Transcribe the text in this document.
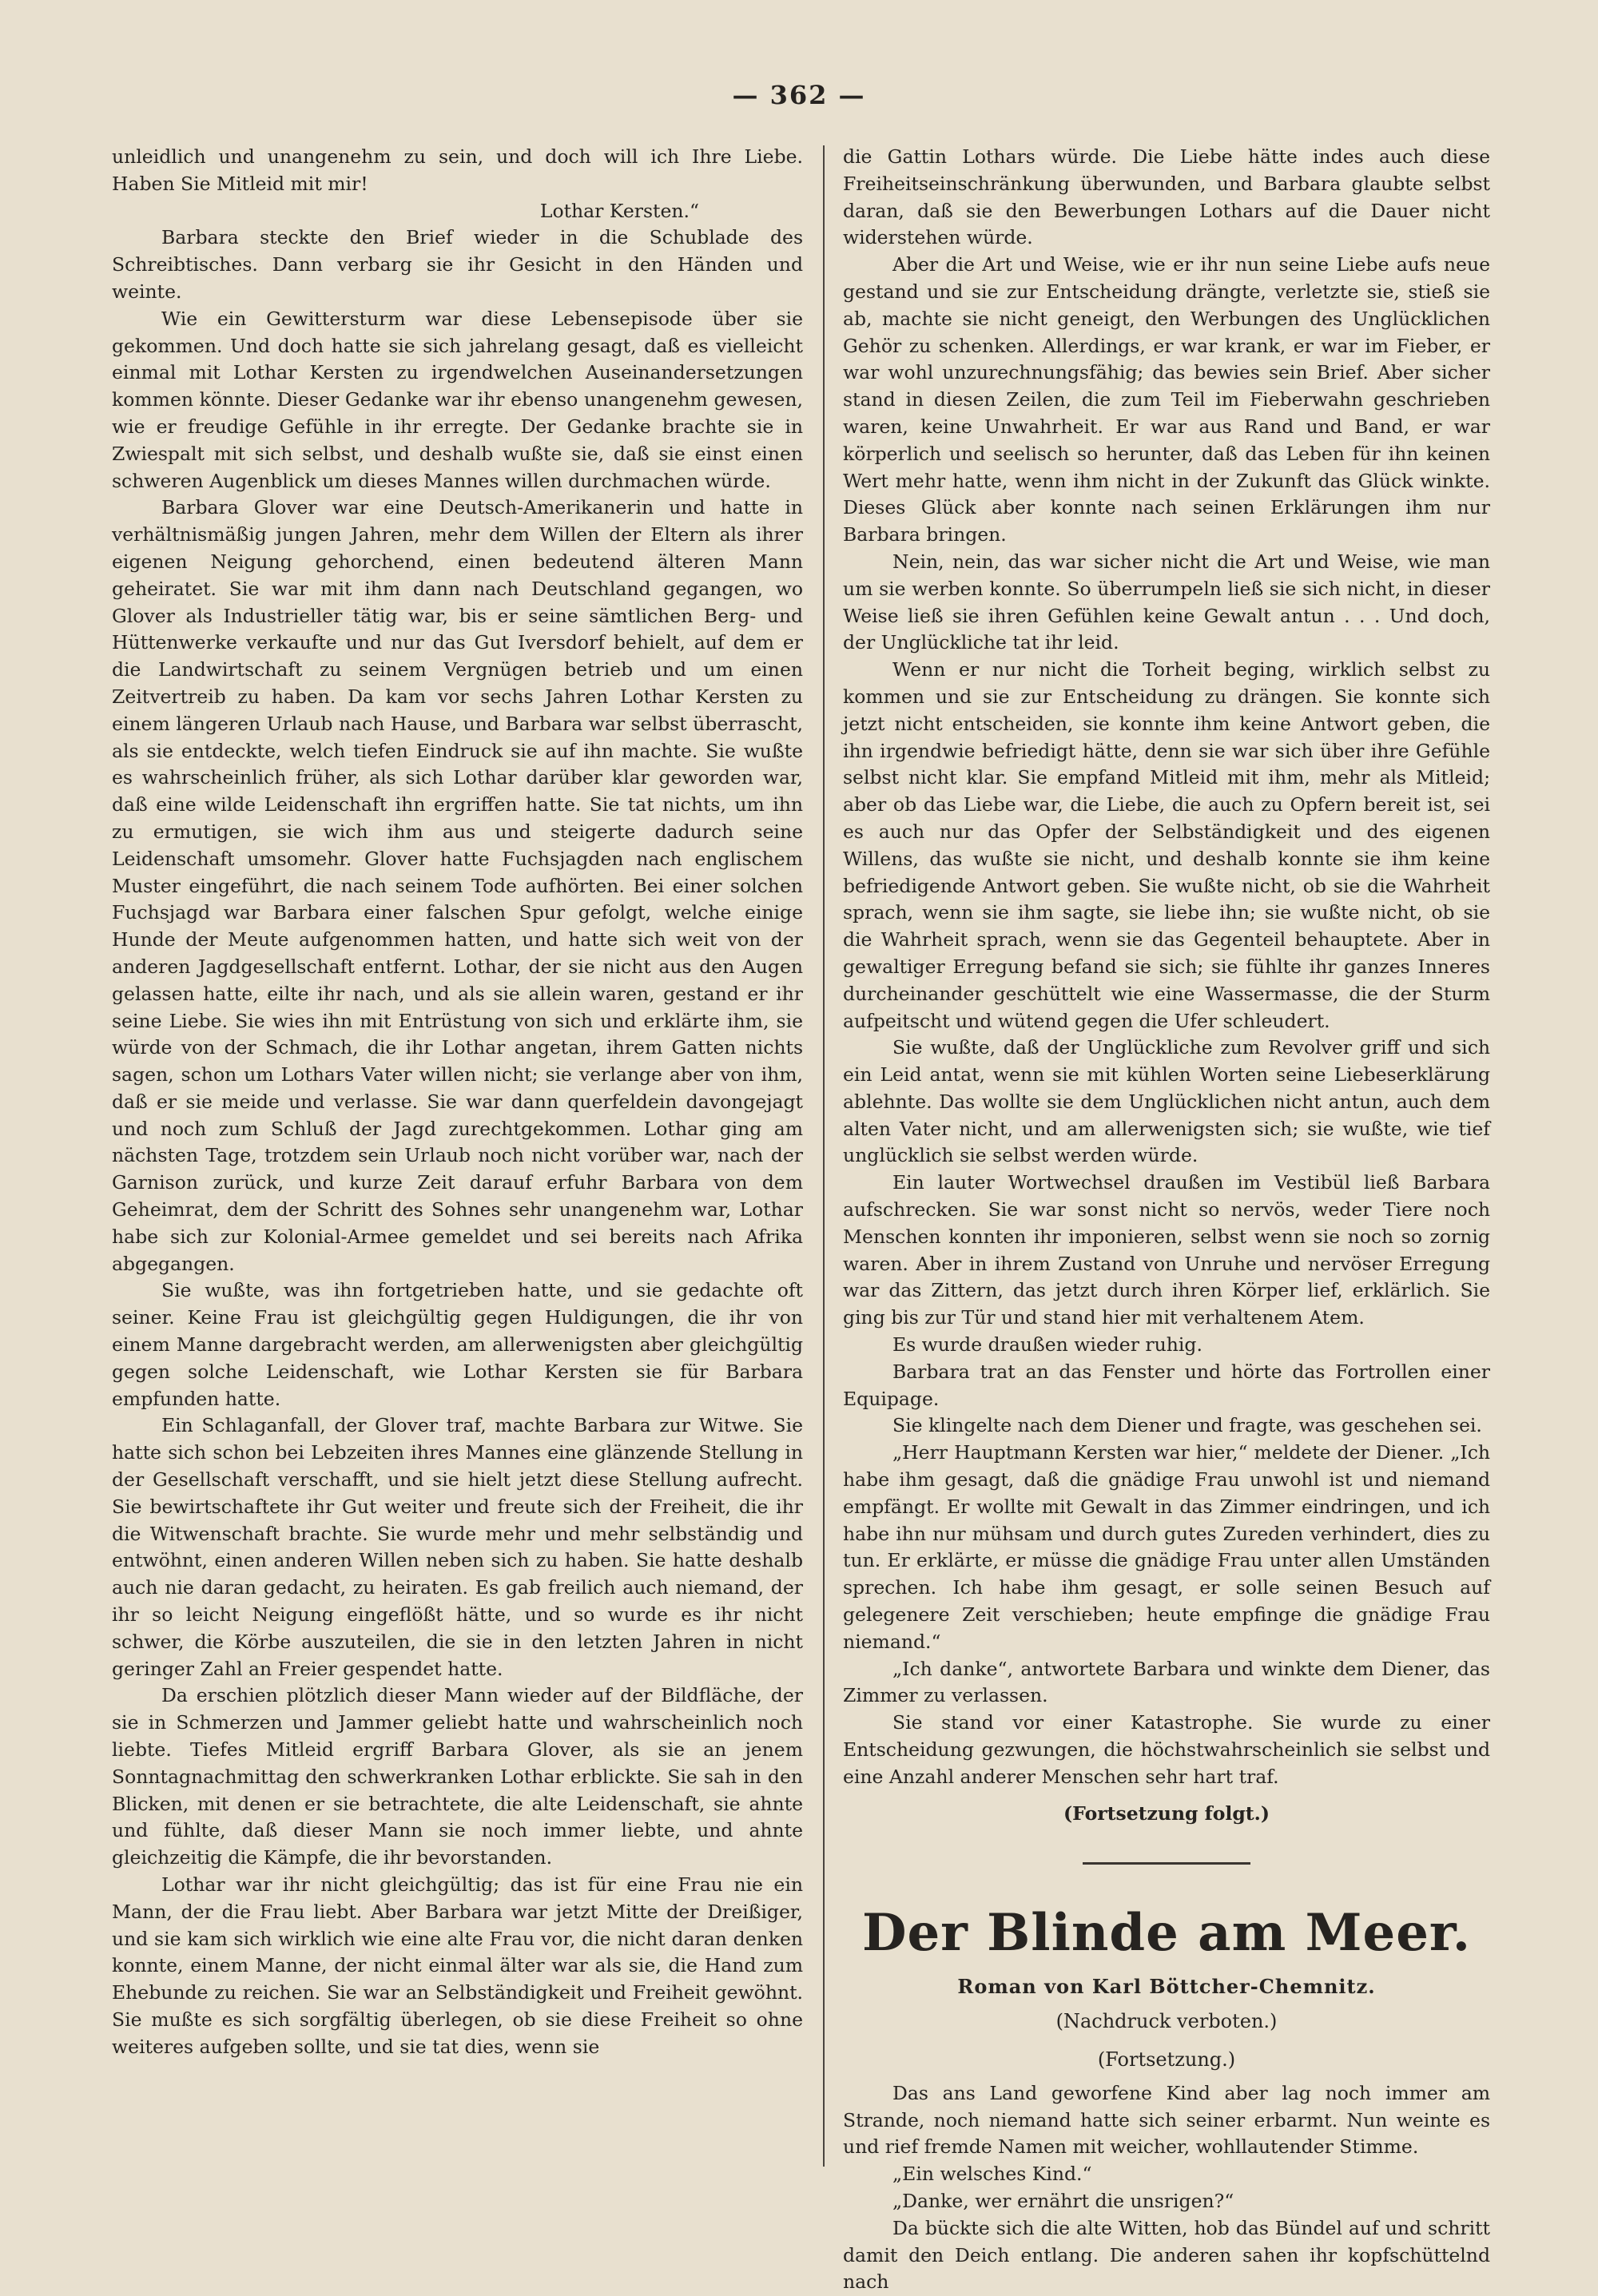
— 362 —

unleidlich und unangenehm zu sein, und doch will ich Ihre Liebe. Haben Sie Mitleid mit mir!

Lothar Kersten.“

Barbara steckte den Brief wieder in die Schublade des Schreibtisches. Dann verbarg sie ihr Gesicht in den Händen und weinte.

Wie ein Gewittersturm war diese Lebensepisode über sie gekommen. Und doch hatte sie sich jahrelang gesagt, daß es vielleicht einmal mit Lothar Kersten zu irgendwelchen Auseinandersetzungen kommen könnte. Dieser Gedanke war ihr ebenso unangenehm gewesen, wie er freudige Gefühle in ihr erregte. Der Gedanke brachte sie in Zwiespalt mit sich selbst, und deshalb wußte sie, daß sie einst einen schweren Augenblick um dieses Mannes willen durchmachen würde.

Barbara Glover war eine Deutsch-Amerikanerin und hatte in verhältnismäßig jungen Jahren, mehr dem Willen der Eltern als ihrer eigenen Neigung gehorchend, einen bedeutend älteren Mann geheiratet. Sie war mit ihm dann nach Deutschland gegangen, wo Glover als Industrieller tätig war, bis er seine sämtlichen Berg- und Hüttenwerke verkaufte und nur das Gut Iversdorf behielt, auf dem er die Landwirtschaft zu seinem Vergnügen betrieb und um einen Zeitvertreib zu haben. Da kam vor sechs Jahren Lothar Kersten zu einem längeren Urlaub nach Hause, und Barbara war selbst überrascht, als sie entdeckte, welch tiefen Eindruck sie auf ihn machte. Sie wußte es wahrscheinlich früher, als sich Lothar darüber klar geworden war, daß eine wilde Leidenschaft ihn ergriffen hatte. Sie tat nichts, um ihn zu ermutigen, sie wich ihm aus und steigerte dadurch seine Leidenschaft umsomehr. Glover hatte Fuchsjagden nach englischem Muster eingeführt, die nach seinem Tode aufhörten. Bei einer solchen Fuchsjagd war Barbara einer falschen Spur gefolgt, welche einige Hunde der Meute aufgenommen hatten, und hatte sich weit von der anderen Jagdgesellschaft entfernt. Lothar, der sie nicht aus den Augen gelassen hatte, eilte ihr nach, und als sie allein waren, gestand er ihr seine Liebe. Sie wies ihn mit Entrüstung von sich und erklärte ihm, sie würde von der Schmach, die ihr Lothar angetan, ihrem Gatten nichts sagen, schon um Lothars Vater willen nicht; sie verlange aber von ihm, daß er sie meide und verlasse. Sie war dann querfeldein davongejagt und noch zum Schluß der Jagd zurechtgekommen. Lothar ging am nächsten Tage, trotzdem sein Urlaub noch nicht vorüber war, nach der Garnison zurück, und kurze Zeit darauf erfuhr Barbara von dem Geheimrat, dem der Schritt des Sohnes sehr unangenehm war, Lothar habe sich zur Kolonial-Armee gemeldet und sei bereits nach Afrika abgegangen.

Sie wußte, was ihn fortgetrieben hatte, und sie gedachte oft seiner. Keine Frau ist gleichgültig gegen Huldigungen, die ihr von einem Manne dargebracht werden, am allerwenigsten aber gleichgültig gegen solche Leidenschaft, wie Lothar Kersten sie für Barbara empfunden hatte.

Ein Schlaganfall, der Glover traf, machte Barbara zur Witwe. Sie hatte sich schon bei Lebzeiten ihres Mannes eine glänzende Stellung in der Gesellschaft verschafft, und sie hielt jetzt diese Stellung aufrecht. Sie bewirtschaftete ihr Gut weiter und freute sich der Freiheit, die ihr die Witwenschaft brachte. Sie wurde mehr und mehr selbständig und entwöhnt, einen anderen Willen neben sich zu haben. Sie hatte deshalb auch nie daran gedacht, zu heiraten. Es gab freilich auch niemand, der ihr so leicht Neigung eingeflößt hätte, und so wurde es ihr nicht schwer, die Körbe auszuteilen, die sie in den letzten Jahren in nicht geringer Zahl an Freier gespendet hatte.

Da erschien plötzlich dieser Mann wieder auf der Bildfläche, der sie in Schmerzen und Jammer geliebt hatte und wahrscheinlich noch liebte. Tiefes Mitleid ergriff Barbara Glover, als sie an jenem Sonntagnachmittag den schwerkranken Lothar erblickte. Sie sah in den Blicken, mit denen er sie betrachtete, die alte Leidenschaft, sie ahnte und fühlte, daß dieser Mann sie noch immer liebte, und ahnte gleichzeitig die Kämpfe, die ihr bevorstanden.

Lothar war ihr nicht gleichgültig; das ist für eine Frau nie ein Mann, der die Frau liebt. Aber Barbara war jetzt Mitte der Dreißiger, und sie kam sich wirklich wie eine alte Frau vor, die nicht daran denken konnte, einem Manne, der nicht einmal älter war als sie, die Hand zum Ehebunde zu reichen. Sie war an Selbständigkeit und Freiheit gewöhnt. Sie mußte es sich sorgfältig überlegen, ob sie diese Freiheit so ohne weiteres aufgeben sollte, und sie tat dies, wenn sie

die Gattin Lothars würde. Die Liebe hätte indes auch diese Freiheitseinschränkung überwunden, und Barbara glaubte selbst daran, daß sie den Bewerbungen Lothars auf die Dauer nicht widerstehen würde.

Aber die Art und Weise, wie er ihr nun seine Liebe aufs neue gestand und sie zur Entscheidung drängte, verletzte sie, stieß sie ab, machte sie nicht geneigt, den Werbungen des Unglücklichen Gehör zu schenken. Allerdings, er war krank, er war im Fieber, er war wohl unzurechnungsfähig; das bewies sein Brief. Aber sicher stand in diesen Zeilen, die zum Teil im Fieberwahn geschrieben waren, keine Unwahrheit. Er war aus Rand und Band, er war körperlich und seelisch so herunter, daß das Leben für ihn keinen Wert mehr hatte, wenn ihm nicht in der Zukunft das Glück winkte. Dieses Glück aber konnte nach seinen Erklärungen ihm nur Barbara bringen.

Nein, nein, das war sicher nicht die Art und Weise, wie man um sie werben konnte. So überrumpeln ließ sie sich nicht, in dieser Weise ließ sie ihren Gefühlen keine Gewalt antun . . . Und doch, der Unglückliche tat ihr leid.

Wenn er nur nicht die Torheit beging, wirklich selbst zu kommen und sie zur Entscheidung zu drängen. Sie konnte sich jetzt nicht entscheiden, sie konnte ihm keine Antwort geben, die ihn irgendwie befriedigt hätte, denn sie war sich über ihre Gefühle selbst nicht klar. Sie empfand Mitleid mit ihm, mehr als Mitleid; aber ob das Liebe war, die Liebe, die auch zu Opfern bereit ist, sei es auch nur das Opfer der Selbständigkeit und des eigenen Willens, das wußte sie nicht, und deshalb konnte sie ihm keine befriedigende Antwort geben. Sie wußte nicht, ob sie die Wahrheit sprach, wenn sie ihm sagte, sie liebe ihn; sie wußte nicht, ob sie die Wahrheit sprach, wenn sie das Gegenteil behauptete. Aber in gewaltiger Erregung befand sie sich; sie fühlte ihr ganzes Inneres durcheinander geschüttelt wie eine Wassermasse, die der Sturm aufpeitscht und wütend gegen die Ufer schleudert.

Sie wußte, daß der Unglückliche zum Revolver griff und sich ein Leid antat, wenn sie mit kühlen Worten seine Liebeserklärung ablehnte. Das wollte sie dem Unglücklichen nicht antun, auch dem alten Vater nicht, und am allerwenigsten sich; sie wußte, wie tief unglücklich sie selbst werden würde.

Ein lauter Wortwechsel draußen im Vestibül ließ Barbara aufschrecken. Sie war sonst nicht so nervös, weder Tiere noch Menschen konnten ihr imponieren, selbst wenn sie noch so zornig waren. Aber in ihrem Zustand von Unruhe und nervöser Erregung war das Zittern, das jetzt durch ihren Körper lief, erklärlich. Sie ging bis zur Tür und stand hier mit verhaltenem Atem.

Es wurde draußen wieder ruhig.

Barbara trat an das Fenster und hörte das Fortrollen einer Equipage.

Sie klingelte nach dem Diener und fragte, was geschehen sei.

„Herr Hauptmann Kersten war hier,“ meldete der Diener. „Ich habe ihm gesagt, daß die gnädige Frau unwohl ist und niemand empfängt. Er wollte mit Gewalt in das Zimmer eindringen, und ich habe ihn nur mühsam und durch gutes Zureden verhindert, dies zu tun. Er erklärte, er müsse die gnädige Frau unter allen Umständen sprechen. Ich habe ihm gesagt, er solle seinen Besuch auf gelegenere Zeit verschieben; heute empfinge die gnädige Frau niemand.“

„Ich danke“, antwortete Barbara und winkte dem Diener, das Zimmer zu verlassen.

Sie stand vor einer Katastrophe. Sie wurde zu einer Entscheidung gezwungen, die höchstwahrscheinlich sie selbst und eine Anzahl anderer Menschen sehr hart traf.

(Fortsetzung folgt.)

Der Blinde am Meer.
Roman von Karl Böttcher-Chemnitz.
(Nachdruck verboten.)
(Fortsetzung.)

Das ans Land geworfene Kind aber lag noch immer am Strande, noch niemand hatte sich seiner erbarmt. Nun weinte es und rief fremde Namen mit weicher, wohllautender Stimme.

„Ein welsches Kind.“

„Danke, wer ernährt die unsrigen?“

Da bückte sich die alte Witten, hob das Bündel auf und schritt damit den Deich entlang. Die anderen sahen ihr kopfschüttelnd nach
